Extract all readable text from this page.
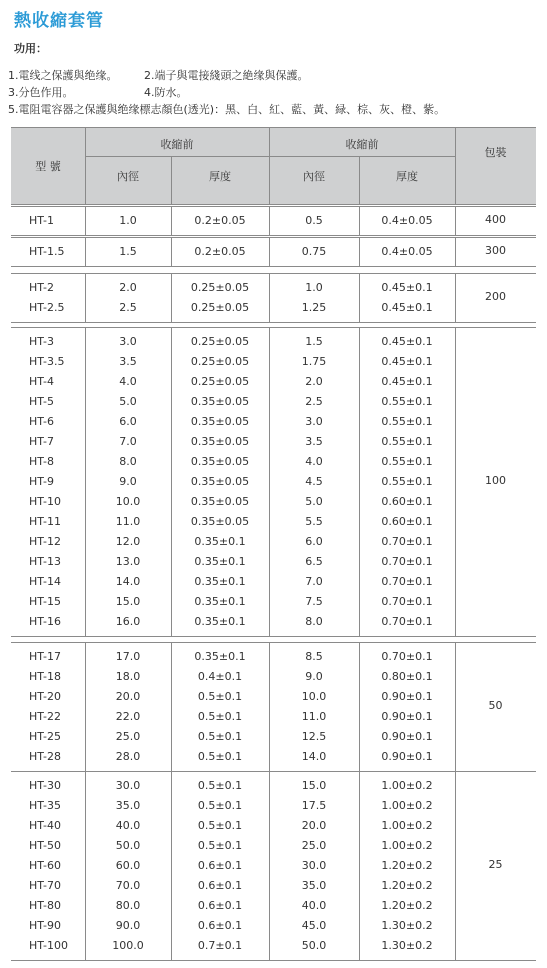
熱收縮套管
功用：
1.電线之保護與绝缘。 2.端子與電接綫頭之絶缘與保護。
3.分色作用。	4.防水。
5.電阻電容器之保護與绝缘標志顏色(透光)：黑、白、紅、藍、黃、緑、棕、灰、橙、紫。
型 號
收縮前	收縮前
內徑	厚度	內徑	厚度
包裝
HT-1	1.0	0.2±0.05	0.5	0.4±0.05	400
HT-1.5	1.5	0.2±0.05	0.75	0.4±0.05	300
HT-2	2.0	0.25±0.05	1.0	0.45±0.1
HT-2.5	2.5	0.25±0.05	1.25	0.45±0.1
200
HT-3	3.0	0.25±0.05	1.5	0.45±0.1
HT-3.5	3.5	0.25±0.05	1.75	0.45±0.1
HT-4	4.0	0.25±0.05	2.0	0.45±0.1
HT-5	5.0	0.35±0.05	2.5	0.55±0.1
HT-6	6.0	0.35±0.05	3.0	0.55±0.1
HT-7	7.0	0.35±0.05	3.5	0.55±0.1
HT-8	8.0	0.35±0.05	4.0	0.55±0.1
HT-9	9.0	0.35±0.05	4.5	0.55±0.1
HT-10	10.0	0.35±0.05	5.0	0.60±0.1
HT-11	11.0	0.35±0.05	5.5	0.60±0.1
HT-12	12.0	0.35±0.1	6.0	0.70±0.1
HT-13	13.0	0.35±0.1	6.5	0.70±0.1
HT-14	14.0	0.35±0.1	7.0	0.70±0.1
HT-15	15.0	0.35±0.1	7.5	0.70±0.1
HT-16	16.0	0.35±0.1	8.0	0.70±0.1
100
HT-17	17.0	0.35±0.1	8.5	0.70±0.1
HT-18	18.0	0.4±0.1	9.0	0.80±0.1
HT-20	20.0	0.5±0.1	10.0	0.90±0.1
HT-22	22.0	0.5±0.1	11.0	0.90±0.1
HT-25	25.0	0.5±0.1	12.5	0.90±0.1
HT-28	28.0	0.5±0.1	14.0	0.90±0.1
50
HT-30	30.0	0.5±0.1	15.0	1.00±0.2
HT-35	35.0	0.5±0.1	17.5	1.00±0.2
HT-40	40.0	0.5±0.1	20.0	1.00±0.2
HT-50	50.0	0.5±0.1	25.0	1.00±0.2
HT-60	60.0	0.6±0.1	30.0	1.20±0.2
HT-70	70.0	0.6±0.1	35.0	1.20±0.2
HT-80	80.0	0.6±0.1	40.0	1.20±0.2
HT-90	90.0	0.6±0.1	45.0	1.30±0.2
HT-100	100.0	0.7±0.1	50.0	1.30±0.2
25
